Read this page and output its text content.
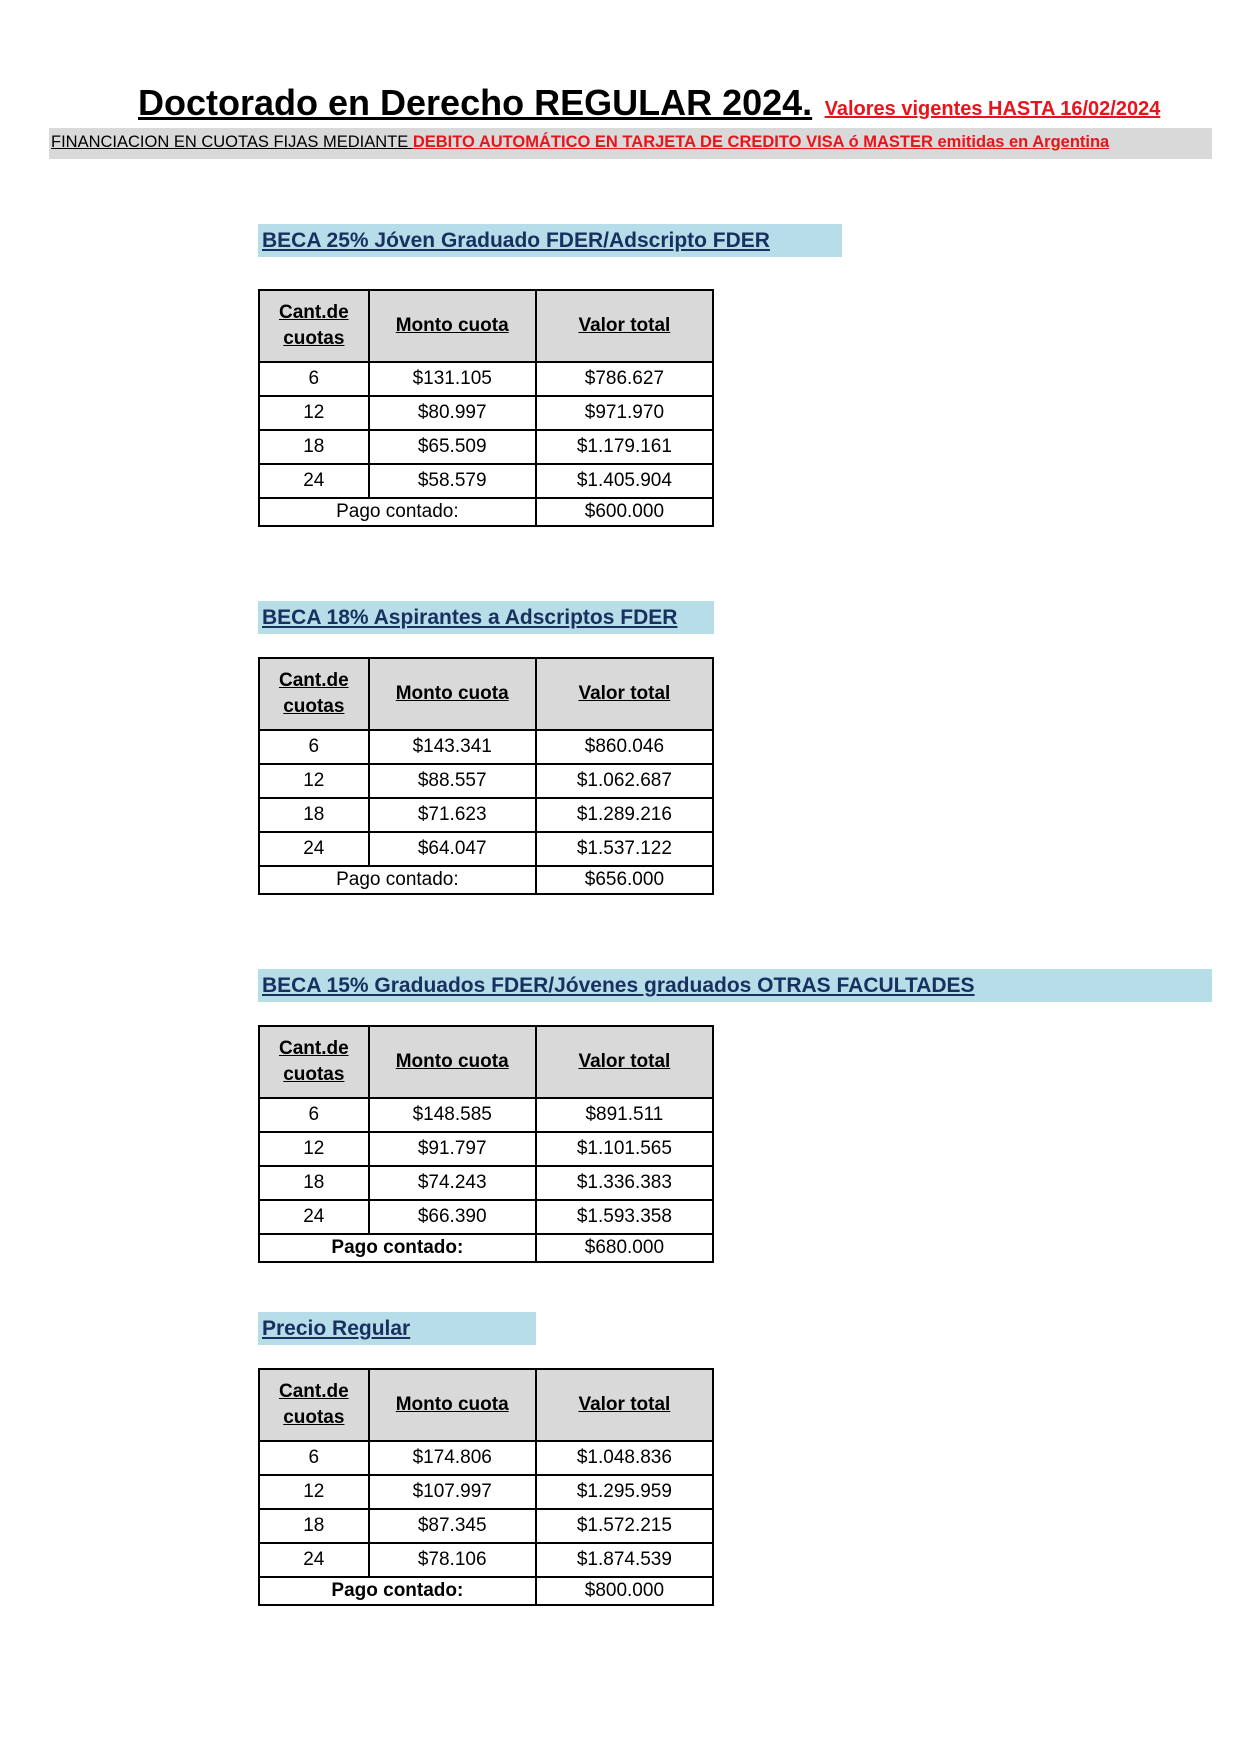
Doctorado en Derecho REGULAR 2024. Valores vigentes HASTA 16/02/2024
FINANCIACION EN CUOTAS FIJAS MEDIANTE DEBITO AUTOMÁTICO EN TARJETA DE CREDITO VISA ó MASTER emitidas en Argentina
BECA 25% Jóven Graduado FDER/Adscripto FDER
Cant.de
cuotas	Monto cuota	Valor total
6	$131.105	$786.627
12	$80.997	$971.970
18	$65.509	$1.179.161
24	$58.579	$1.405.904
Pago contado:		$600.000
BECA 18% Aspirantes a Adscriptos FDER
Cant.de
cuotas	Monto cuota	Valor total
6	$143.341	$860.046
12	$88.557	$1.062.687
18	$71.623	$1.289.216
24	$64.047	$1.537.122
Pago contado:		$656.000
BECA 15% Graduados FDER/Jóvenes graduados OTRAS FACULTADES
Cant.de
cuotas	Monto cuota	Valor total
6	$148.585	$891.511
12	$91.797	$1.101.565
18	$74.243	$1.336.383
24	$66.390	$1.593.358
Pago contado:		$680.000
Precio Regular
Cant.de
cuotas	Monto cuota	Valor total
6	$174.806	$1.048.836
12	$107.997	$1.295.959
18	$87.345	$1.572.215
24	$78.106	$1.874.539
Pago contado:		$800.000
